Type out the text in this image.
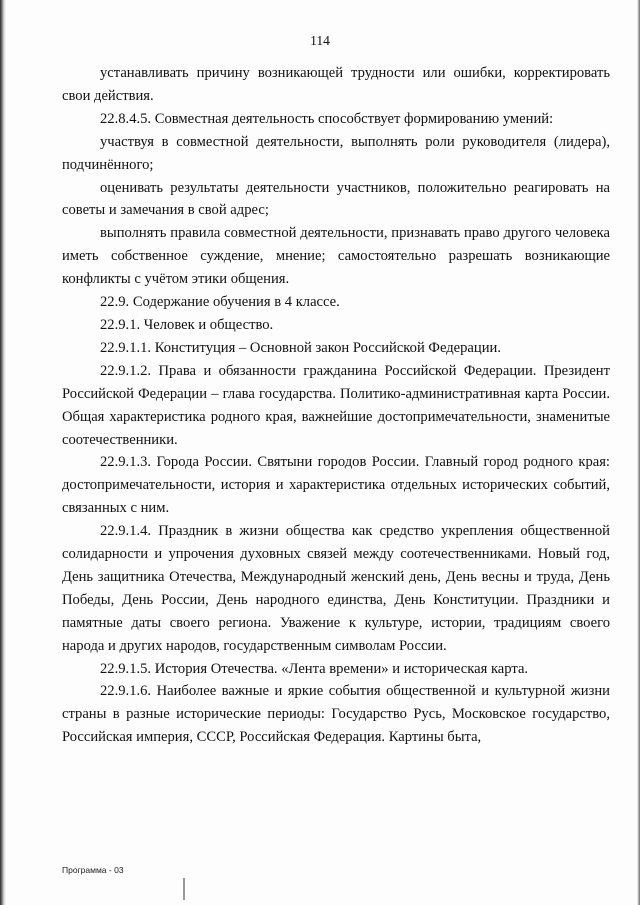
114

устанавливать причину возникающей трудности или ошибки, корректировать свои действия.

22.8.4.5. Совместная деятельность способствует формированию умений:

участвуя в совместной деятельности, выполнять роли руководителя (лидера), подчинённого;

оценивать результаты деятельности участников, положительно реагировать на советы и замечания в свой адрес;

выполнять правила совместной деятельности, признавать право другого человека иметь собственное суждение, мнение; самостоятельно разрешать возникающие конфликты с учётом этики общения.

22.9. Содержание обучения в 4 классе.

22.9.1. Человек и общество.

22.9.1.1. Конституция – Основной закон Российской Федерации.

22.9.1.2. Права и обязанности гражданина Российской Федерации. Президент Российской Федерации – глава государства. Политико-административная карта России. Общая характеристика родного края, важнейшие достопримечательности, знаменитые соотечественники.

22.9.1.3. Города России. Святыни городов России. Главный город родного края: достопримечательности, история и характеристика отдельных исторических событий, связанных с ним.

22.9.1.4. Праздник в жизни общества как средство укрепления общественной солидарности и упрочения духовных связей между соотечественниками. Новый год, День защитника Отечества, Международный женский день, День весны и труда, День Победы, День России, День народного единства, День Конституции. Праздники и памятные даты своего региона. Уважение к культуре, истории, традициям своего народа и других народов, государственным символам России.

22.9.1.5. История Отечества. «Лента времени» и историческая карта.

22.9.1.6. Наиболее важные и яркие события общественной и культурной жизни страны в разные исторические периоды: Государство Русь, Московское государство, Российская империя, СССР, Российская Федерация. Картины быта,

Программа - 03
